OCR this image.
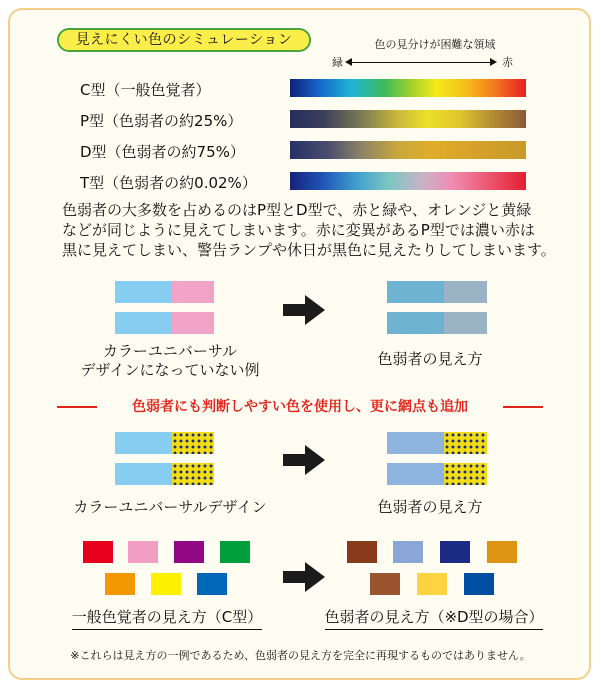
見えにくい色のシミュレーション	色の見分けが困難な領域
緑	赤
C型（一般色覚者）
P型（色弱者の約25%）
D型（色弱者の約75%）
T型（色弱者の約0.02%）
色弱者の大多数を占めるのはP型とD型で、赤と緑や、オレンジと黄緑
などが同じように見えてしまいます。赤に変異があるP型では濃い赤は
黒に見えてしまい、警告ランプや休日が黒色に見えたりしてしまいます。
カラーユニバーサル
デザインになっていない例
色弱者の見え方
色弱者にも判断しやすい色を使用し、更に網点も追加
カラーユニバーサルデザイン	色弱者の見え方
一般色覚者の見え方（C型）	色弱者の見え方（※D型の場合）
※これらは見え方の一例であるため、色弱者の見え方を完全に再現するものではありません。
